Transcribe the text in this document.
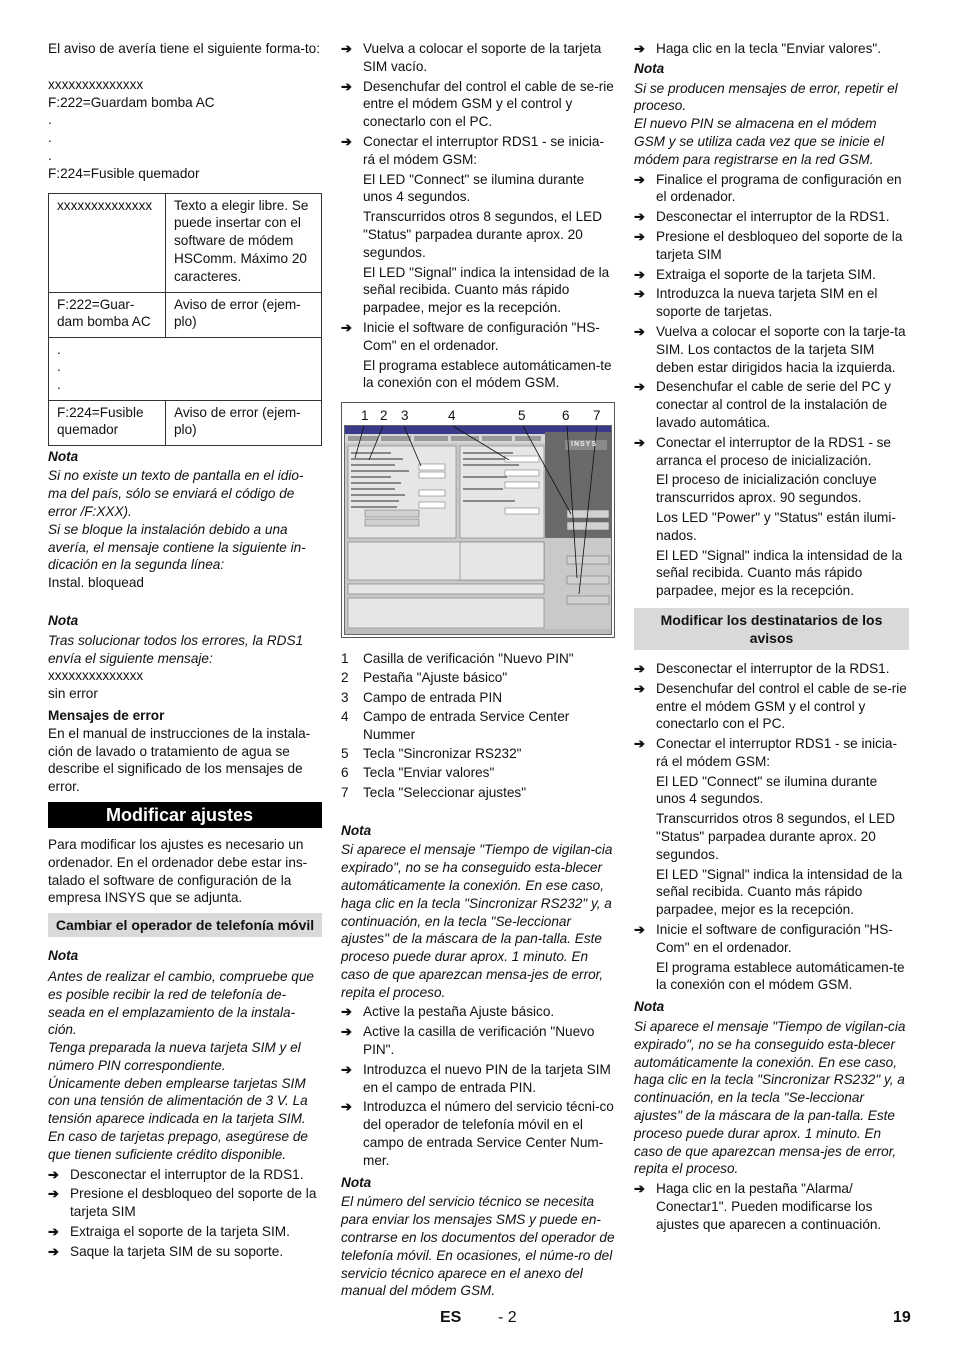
El aviso de avería tiene el siguiente forma-to:

xxxxxxxxxxxxxx

F:222=Guardam bomba AC

.

.

.

F:224=Fusible quemador

xxxxxxxxxxxxxx	Texto a elegir libre. Se puede insertar con el software de módem HSComm. Máximo 20 caracteres.
F:222=Guar-dam bomba AC	Aviso de error (ejem-plo)
.
.
.	
F:224=Fusible quemador	Aviso de error (ejem-plo)

Nota

Si no existe un texto de pantalla en el idio-ma del país, sólo se enviará el código de error /F:XXX).

Si se bloque la instalación debido a una avería, el mensaje contiene la siguiente in-dicación en la segunda línea:

Instal. bloquead

Nota

Tras solucionar todos los errores, la RDS1 envía el siguiente mensaje:

xxxxxxxxxxxxxx

sin error

Mensajes de error

En el manual de instrucciones de la instala-ción de lavado o tratamiento de agua se describe el significado de los mensajes de error.

Modificar ajustes

Para modificar los ajustes es necesario un ordenador. En el ordenador debe estar ins-talado el software de configuración de la empresa INSYS que se adjunta.

Cambiar el operador de telefonía móvil

Nota

Antes de realizar el cambio, compruebe que es posible recibir la red de telefonía de-seada en el emplazamiento de la instala-ción.

Tenga preparada la nueva tarjeta SIM y el número PIN correspondiente.

Únicamente deben emplearse tarjetas SIM con una tensión de alimentación de 3 V. La tensión aparece indicada en la tarjeta SIM. En caso de tarjetas prepago, asegúrese de que tienen suficiente crédito disponible.

➔ Desconectar el interruptor de la RDS1.
➔ Presione el desbloqueo del soporte de la tarjeta SIM
➔ Extraiga el soporte de la tarjeta SIM.
➔ Saque la tarjeta SIM de su soporte.
➔ Vuelva a colocar el soporte de la tarjeta SIM vacío.
➔ Desenchufar del control el cable de se-rie entre el módem GSM y el control y conectarlo con el PC.
➔ Conectar el interruptor RDS1 - se inicia-rá el módem GSM:

El LED "Connect" se ilumina durante unos 4 segundos.

Transcurridos otros 8 segundos, el LED "Status" parpadea durante aprox. 20 segundos.

El LED "Signal" indica la intensidad de la señal recibida. Cuanto más rápido parpadee, mejor es la recepción.

➔ Inicie el software de configuración "HS-Com" en el ordenador.

El programa establece automáticamen-te la conexión con el módem GSM.

1 2 3	4	5	6 7
INSYS
1 Casilla de verificación "Nuevo PIN"
2 Pestaña "Ajuste básico"
3 Campo de entrada PIN
4 Campo de entrada Service Center Nummer
5 Tecla "Sincronizar RS232"
6 Tecla "Enviar valores"
7 Tecla "Seleccionar ajustes"

Nota

Si aparece el mensaje "Tiempo de vigilan-cia expirado", no se ha conseguido esta-blecer automáticamente la conexión. En ese caso, haga clic en la tecla "Sincronizar RS232" y, a continuación, en la tecla "Se-leccionar ajustes" de la máscara de la pan-talla. Este proceso puede durar aprox. 1 minuto. En caso de que aparezcan mensa-jes de error, repita el proceso.

➔ Active la pestaña Ajuste básico.
➔ Active la casilla de verificación "Nuevo PIN".
➔ Introduzca el nuevo PIN de la tarjeta SIM en el campo de entrada PIN.
➔ Introduzca el número del servicio técni-co del operador de telefonía móvil en el campo de entrada Service Center Num-mer.

Nota

El número del servicio técnico se necesita para enviar los mensajes SMS y puede en-contrarse en los documentos del operador de telefonía móvil. En ocasiones, el núme-ro del servicio técnico aparece en el anexo del manual del módem GSM.

➔ Haga clic en la tecla "Enviar valores".

Nota

Si se producen mensajes de error, repetir el proceso.

El nuevo PIN se almacena en el módem GSM y se utiliza cada vez que se inicie el módem para registrarse en la red GSM.

➔ Finalice el programa de configuración en el ordenador.
➔ Desconectar el interruptor de la RDS1.
➔ Presione el desbloqueo del soporte de la tarjeta SIM
➔ Extraiga el soporte de la tarjeta SIM.
➔ Introduzca la nueva tarjeta SIM en el soporte de tarjetas.
➔ Vuelva a colocar el soporte con la tarje-ta SIM. Los contactos de la tarjeta SIM deben estar dirigidos hacia la izquierda.
➔ Desenchufar el cable de serie del PC y conectar al control de la instalación de lavado automática.
➔ Conectar el interruptor de la RDS1 - se arranca el proceso de inicialización.

El proceso de inicialización concluye transcurridos aprox. 90 segundos.

Los LED "Power" y "Status" están ilumi-nados.

El LED "Signal" indica la intensidad de la señal recibida. Cuanto más rápido parpadee, mejor es la recepción.

Modificar los destinatarios de los avisos
➔ Desconectar el interruptor de la RDS1.
➔ Desenchufar del control el cable de se-rie entre el módem GSM y el control y conectarlo con el PC.
➔ Conectar el interruptor RDS1 - se inicia-rá el módem GSM:

El LED "Connect" se ilumina durante unos 4 segundos.

Transcurridos otros 8 segundos, el LED "Status" parpadea durante aprox. 20 segundos.

El LED "Signal" indica la intensidad de la señal recibida. Cuanto más rápido parpadee, mejor es la recepción.

➔ Inicie el software de configuración "HS-Com" en el ordenador.

El programa establece automáticamen-te la conexión con el módem GSM.

Nota

Si aparece el mensaje "Tiempo de vigilan-cia expirado", no se ha conseguido esta-blecer automáticamente la conexión. En ese caso, haga clic en la tecla "Sincronizar RS232" y, a continuación, en la tecla "Se-leccionar ajustes" de la máscara de la pan-talla. Este proceso puede durar aprox. 1 minuto. En caso de que aparezcan mensa-jes de error, repita el proceso.

➔ Haga clic en la pestaña "Alarma/ Conectar1". Pueden modificarse los ajustes que aparecen a continuación.
ES - 2	19
